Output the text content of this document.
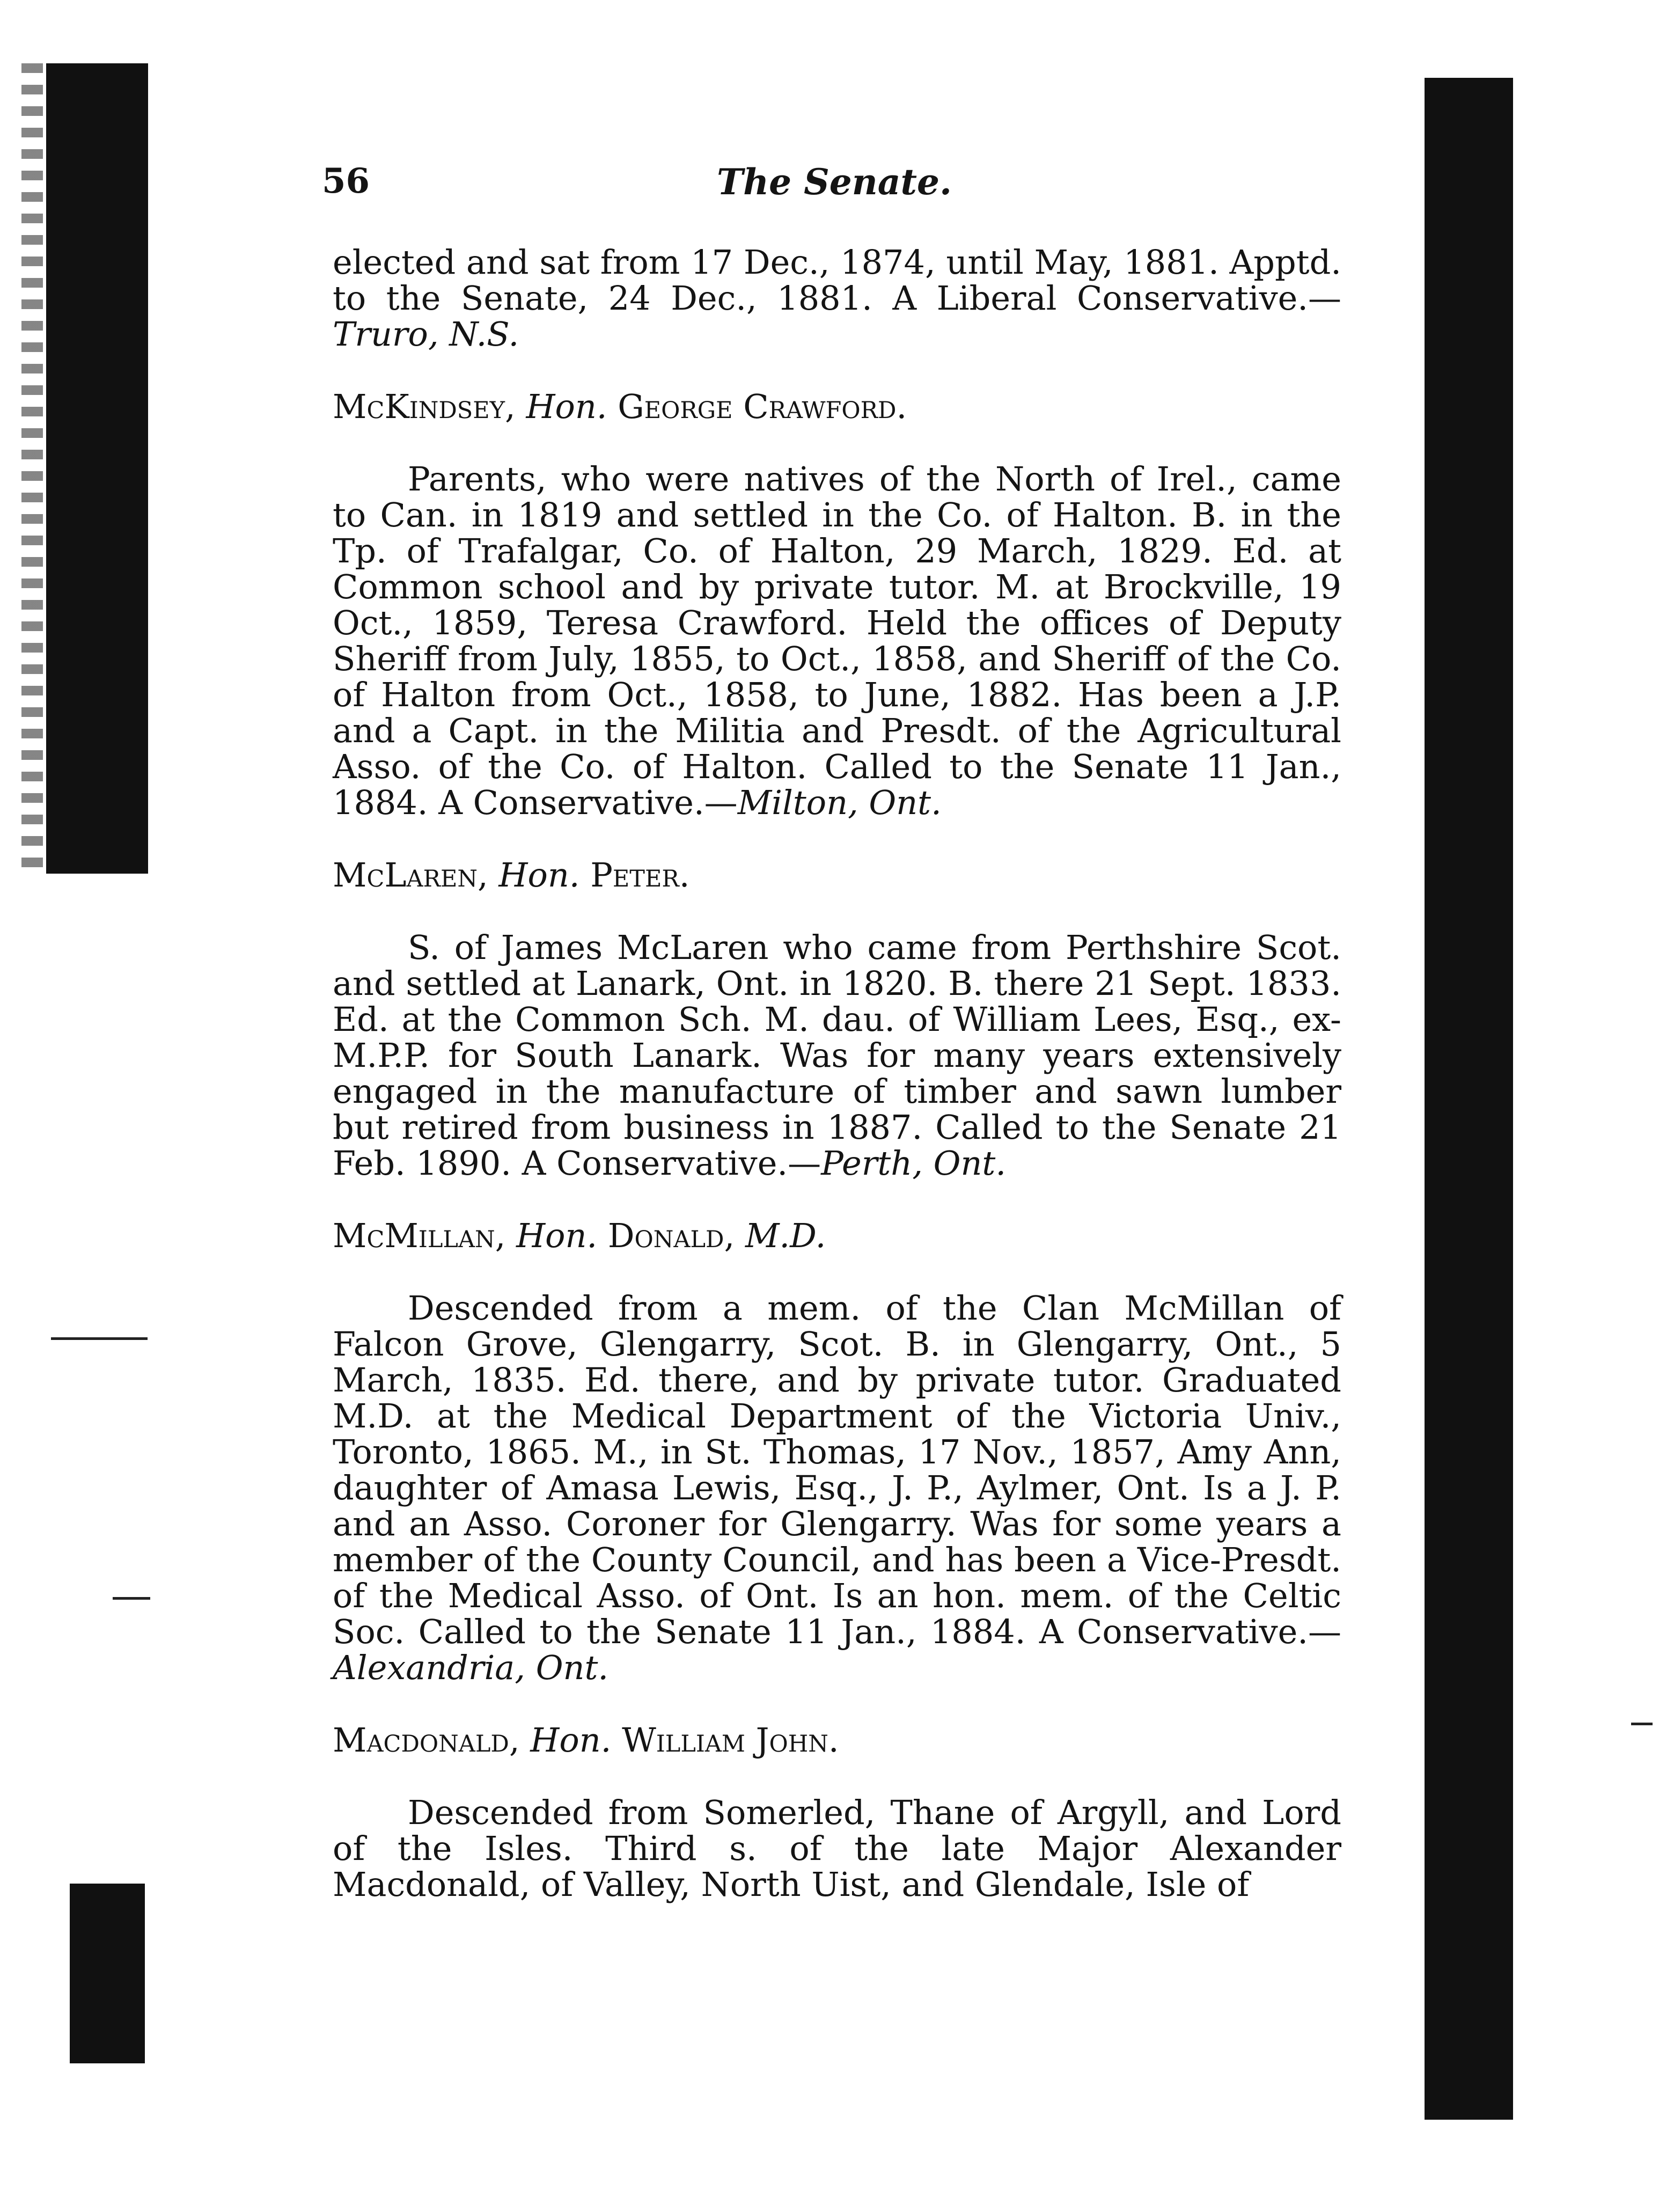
56	The Senate.

elected and sat from 17 Dec., 1874, until May, 1881. Apptd. to the Senate, 24 Dec., 1881. A Liberal Conservative.—Truro, N.S.

McKindsey, Hon. George Crawford.

Parents, who were natives of the North of Irel., came to Can. in 1819 and settled in the Co. of Halton. B. in the Tp. of Trafalgar, Co. of Halton, 29 March, 1829. Ed. at Common school and by private tutor. M. at Brockville, 19 Oct., 1859, Teresa Crawford. Held the offices of Deputy Sheriff from July, 1855, to Oct., 1858, and Sheriff of the Co. of Halton from Oct., 1858, to June, 1882. Has been a J.P. and a Capt. in the Militia and Presdt. of the Agricultural Asso. of the Co. of Halton. Called to the Senate 11 Jan., 1884. A Conservative.—Milton, Ont.

McLaren, Hon. Peter.

S. of James McLaren who came from Perthshire Scot. and settled at Lanark, Ont. in 1820. B. there 21 Sept. 1833. Ed. at the Common Sch. M. dau. of William Lees, Esq., ex-M.P.P. for South Lanark. Was for many years extensively engaged in the manufacture of timber and sawn lumber but retired from business in 1887. Called to the Senate 21 Feb. 1890. A Conservative.—Perth, Ont.

McMillan, Hon. Donald, M.D.

Descended from a mem. of the Clan McMillan of Falcon Grove, Glengarry, Scot. B. in Glengarry, Ont., 5 March, 1835. Ed. there, and by private tutor. Graduated M.D. at the Medical Department of the Victoria Univ., Toronto, 1865. M., in St. Thomas, 17 Nov., 1857, Amy Ann, daughter of Amasa Lewis, Esq., J. P., Aylmer, Ont. Is a J. P. and an Asso. Coroner for Glengarry. Was for some years a member of the County Council, and has been a Vice-Presdt. of the Medical Asso. of Ont. Is an hon. mem. of the Celtic Soc. Called to the Senate 11 Jan., 1884. A Conservative.—Alexandria, Ont.

Macdonald, Hon. William John.

Descended from Somerled, Thane of Argyll, and Lord of the Isles. Third s. of the late Major Alexander Macdonald, of Valley, North Uist, and Glendale, Isle of
